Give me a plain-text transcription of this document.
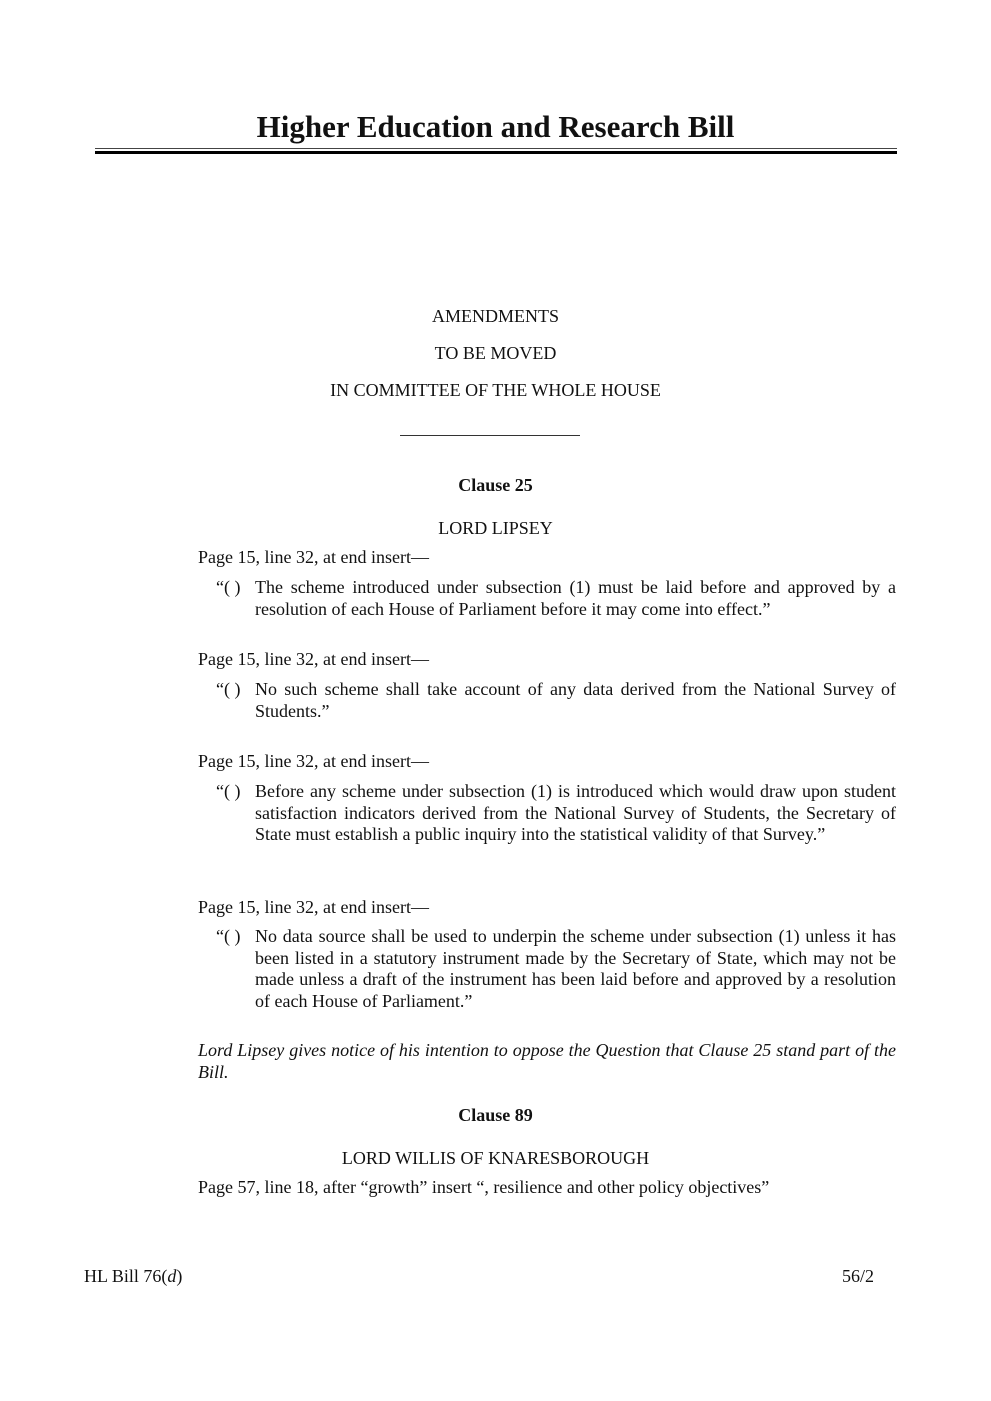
Higher Education and Research Bill
AMENDMENTS
TO BE MOVED
IN COMMITTEE OF THE WHOLE HOUSE
Clause 25
LORD LIPSEY
Page 15, line 32, at end insert—
“( ) The scheme introduced under subsection (1) must be laid before and approved by a resolution of each House of Parliament before it may come into effect.”
Page 15, line 32, at end insert—
“( ) No such scheme shall take account of any data derived from the National Survey of Students.”
Page 15, line 32, at end insert—
“( ) Before any scheme under subsection (1) is introduced which would draw upon student satisfaction indicators derived from the National Survey of Students, the Secretary of State must establish a public inquiry into the statistical validity of that Survey.”
Page 15, line 32, at end insert—
“( ) No data source shall be used to underpin the scheme under subsection (1) unless it has been listed in a statutory instrument made by the Secretary of State, which may not be made unless a draft of the instrument has been laid before and approved by a resolution of each House of Parliament.”
Lord Lipsey gives notice of his intention to oppose the Question that Clause 25 stand part of the Bill.
Clause 89
LORD WILLIS OF KNARESBOROUGH
Page 57, line 18, after “growth” insert “, resilience and other policy objectives”
HL Bill 76(d)	56/2
